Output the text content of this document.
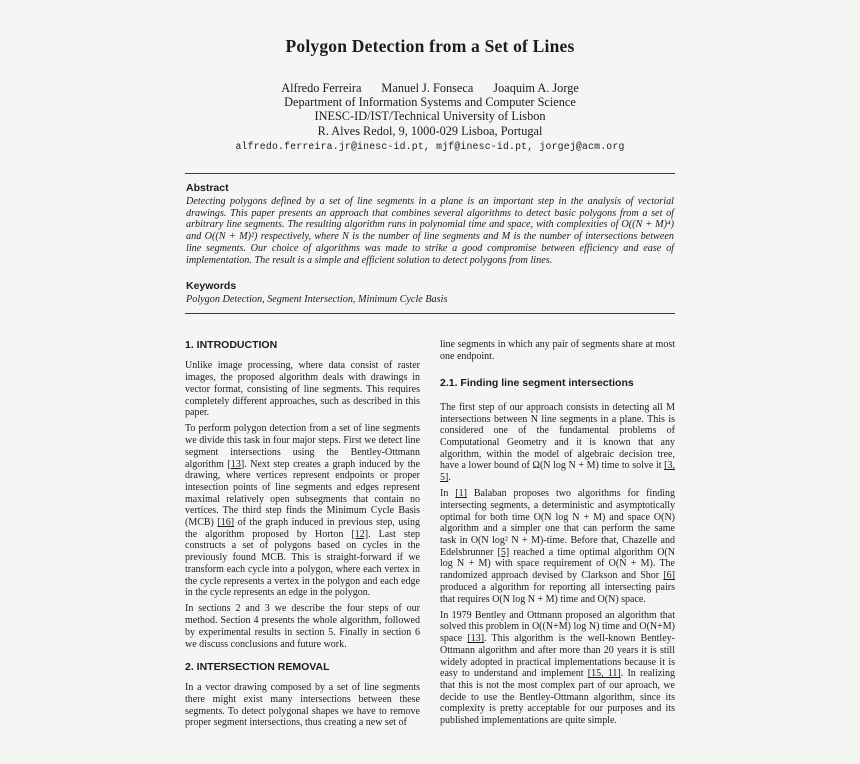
Polygon Detection from a Set of Lines
Alfredo Ferreira Manuel J. Fonseca Joaquim A. Jorge
Department of Information Systems and Computer Science
INESC-ID/IST/Technical University of Lisbon
R. Alves Redol, 9, 1000-029 Lisboa, Portugal
alfredo.ferreira.jr@inesc-id.pt, mjf@inesc-id.pt, jorgej@acm.org

Abstract

Detecting polygons defined by a set of line segments in a plane is an important step in the analysis of vectorial drawings. This paper presents an approach that combines several algorithms to detect basic polygons from a set of arbitrary line segments. The resulting algorithm runs in polynomial time and space, with complexities of O((N + M)⁴) and O((N + M)²) respectively, where N is the number of line segments and M is the number of intersections between line segments. Our choice of algorithms was made to strike a good compromise between efficiency and ease of implementation. The result is a simple and efficient solution to detect polygons from lines.

Keywords

Polygon Detection, Segment Intersection, Minimum Cycle Basis

1. INTRODUCTION

Unlike image processing, where data consist of raster images, the proposed algorithm deals with drawings in vector format, consisting of line segments. This requires completely different approaches, such as described in this paper.

To perform polygon detection from a set of line segments we divide this task in four major steps. First we detect line segment intersections using the Bentley-Ottmann algorithm [13]. Next step creates a graph induced by the drawing, where vertices represent endpoints or proper intesection points of line segments and edges represent maximal relatively open subsegments that contain no vertices. The third step finds the Minimum Cycle Basis (MCB) [16] of the graph induced in previous step, using the algorithm proposed by Horton [12]. Last step constructs a set of polygons based on cycles in the previously found MCB. This is straight-forward if we transform each cycle into a polygon, where each vertex in the cycle represents a vertex in the polygon and each edge in the cycle represents an edge in the polygon.

In sections 2 and 3 we describe the four steps of our method. Section 4 presents the whole algorithm, followed by experimental results in section 5. Finally in section 6 we discuss conclusions and future work.

2. INTERSECTION REMOVAL

In a vector drawing composed by a set of line segments there might exist many intersections between these segments. To detect polygonal shapes we have to remove proper segment intersections, thus creating a new set of

line segments in which any pair of segments share at most one endpoint.

2.1. Finding line segment intersections

The first step of our approach consists in detecting all M intersections between N line segments in a plane. This is considered one of the fundamental problems of Computational Geometry and it is known that any algorithm, within the model of algebraic decision tree, have a lower bound of Ω(N log N + M) time to solve it [3, 5].

In [1] Balaban proposes two algorithms for finding intersecting segments, a deterministic and asymptotically optimal for both time O(N log N + M) and space O(N) algorithm and a simpler one that can perform the same task in O(N log² N + M)-time. Before that, Chazelle and Edelsbrunner [5] reached a time optimal algorithm O(N log N + M) with space requirement of O(N + M). The randomized approach devised by Clarkson and Shor [6] produced a algorithm for reporting all intersecting pairs that requires O(N log N + M) time and O(N) space.

In 1979 Bentley and Ottmann proposed an algorithm that solved this problem in O((N+M) log N) time and O(N+M) space [13]. This algorithm is the well-known Bentley-Ottmann algorithm and after more than 20 years it is still widely adopted in practical implementations because it is easy to understand and implement [15, 11]. In realizing that this is not the most complex part of our aproach, we decide to use the Bentley-Ottmann algorithm, since its complexity is pretty acceptable for our purposes and its published implementations are quite simple.
